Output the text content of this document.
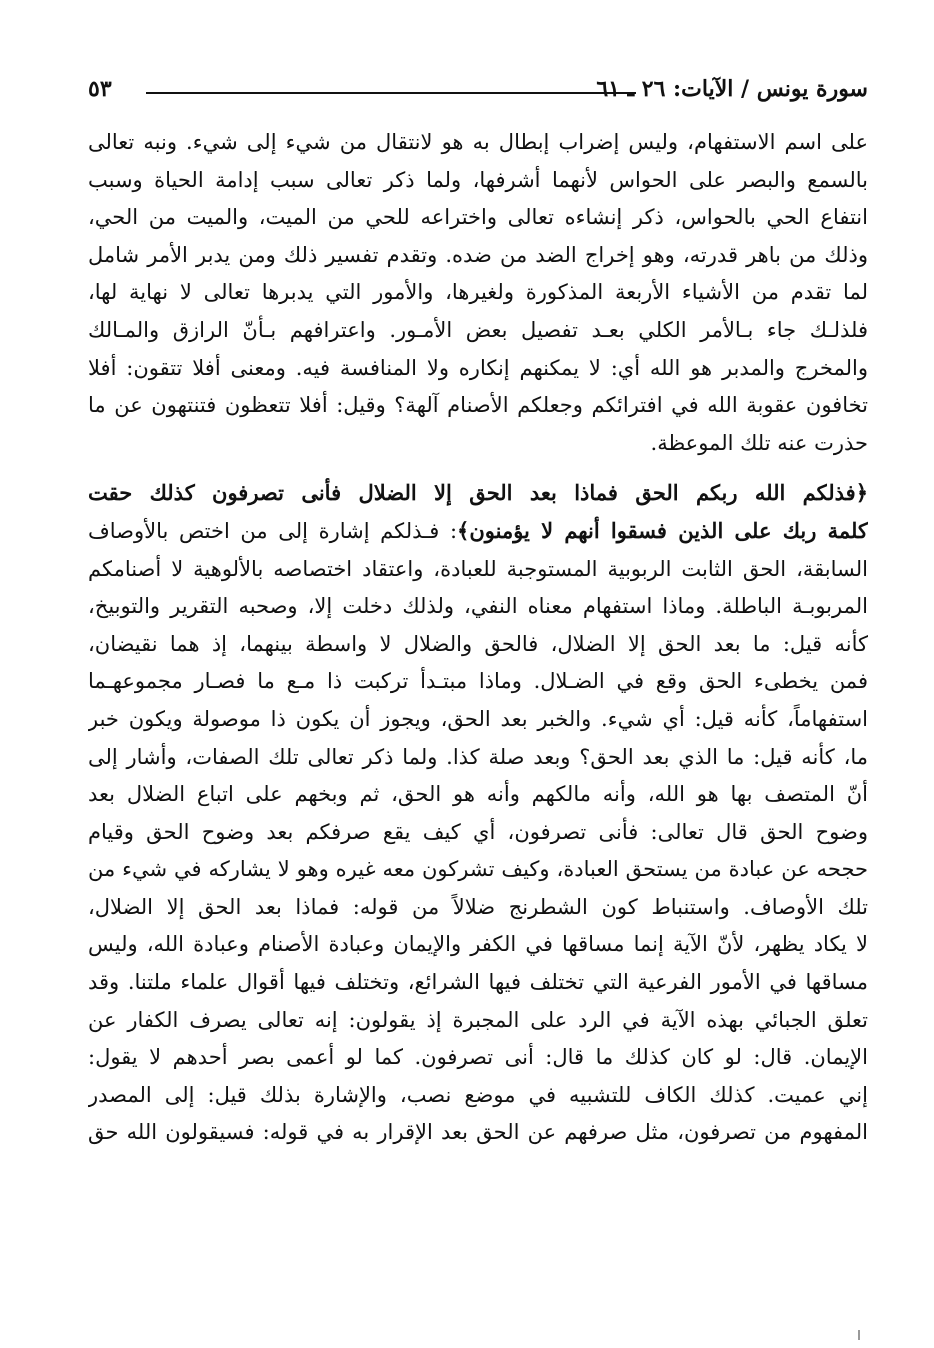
٥٣	سورة يونس / الآيات: ٢٦ ـ ٦١

على اسم الاستفهام، وليس إضراب إبطال به هو لانتقال من شيء إلى شيء. ونبه تعالى
بالسمع والبصر على الحواس لأنهما أشرفها، ولما ذكر تعالى سبب إدامة الحياة وسبب
انتفاع الحي بالحواس، ذكر إنشاءه تعالى واختراعه للحي من الميت، والميت من الحي،
وذلك من باهر قدرته، وهو إخراج الضد من ضده. وتقدم تفسير ذلك ومن يدبر الأمر شامل
لما تقدم من الأشياء الأربعة المذكورة ولغيرها، والأمور التي يدبرها تعالى لا نهاية لها،
فلذلـك جاء بـالأمر الكلي بعـد تفصيل بعض الأمـور. واعترافهم بـأنّ الرازق والمـالك
والمخرج والمدبر هو الله أي: لا يمكنهم إنكاره ولا المنافسة فيه. ومعنى أفلا تتقون: أفلا
تخافون عقوبة الله في افترائكم وجعلكم الأصنام آلهة؟ وقيل: أفلا تتعظون فتنتهون عن ما
حذرت عنه تلك الموعظة.

﴿فذلكم الله ربكم الحق فماذا بعد الحق إلا الضلال فأنى تصرفون كذلك حقت
كلمة ربك على الذين فسقوا أنهم لا يؤمنون﴾: فـذلكم إشارة إلى من اختص بالأوصاف
السابقة، الحق الثابت الربوبية المستوجبة للعبادة، واعتقاد اختصاصه بالألوهية لا أصنامكم
المربوبـة الباطلة. وماذا استفهام معناه النفي، ولذلك دخلت إلا، وصحبه التقرير والتوبيخ،
كأنه قيل: ما بعد الحق إلا الضلال، فالحق والضلال لا واسطة بينهما، إذ هما نقيضان،
فمن يخطىء الحق وقع في الضـلال. وماذا مبتـدأ تركبت ذا مـع ما فصـار مجموعهـما
استفهاماً، كأنه قيل: أي شيء. والخبر بعد الحق، ويجوز أن يكون ذا موصولة ويكون خبر
ما، كأنه قيل: ما الذي بعد الحق؟ وبعد صلة كذا. ولما ذكر تعالى تلك الصفات، وأشار إلى
أنّ المتصف بها هو الله، وأنه مالكهم وأنه هو الحق، ثم وبخهم على اتباع الضلال بعد
وضوح الحق قال تعالى: فأنى تصرفون، أي كيف يقع صرفكم بعد وضوح الحق وقيام
حجحه عن عبادة من يستحق العبادة، وكيف تشركون معه غيره وهو لا يشاركه في شيء من
تلك الأوصاف. واستنباط كون الشطرنج ضلالاً من قوله: فماذا بعد الحق إلا الضلال،
لا يكاد يظهر، لأنّ الآية إنما مساقها في الكفر والإيمان وعبادة الأصنام وعبادة الله، وليس
مساقها في الأمور الفرعية التي تختلف فيها الشرائع، وتختلف فيها أقوال علماء ملتنا. وقد
تعلق الجبائي بهذه الآية في الرد على المجبرة إذ يقولون: إنه تعالى يصرف الكفار عن
الإيمان. قال: لو كان كذلك ما قال: أنى تصرفون. كما لو أعمى بصر أحدهم لا يقول:
إني عميت. كذلك الكاف للتشبيه في موضع نصب، والإشارة بذلك قيل: إلى المصدر
المفهوم من تصرفون، مثل صرفهم عن الحق بعد الإقرار به في قوله: فسيقولون الله حق
